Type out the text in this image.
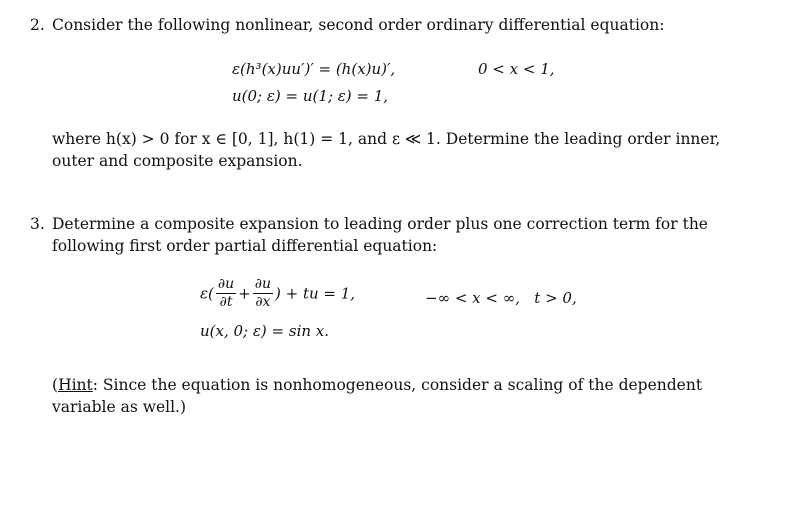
2. Consider the following nonlinear, second order ordinary differential equation:
ε(h³(x)uu′)′ = (h(x)u)′,	0 < x < 1,
u(0; ε) = u(1; ε) = 1,
where h(x) > 0 for x ∈ [0, 1], h(1) = 1, and ε ≪ 1. Determine the leading order inner,
outer and composite expansion.
3. Determine a composite expansion to leading order plus one correction term for the
following first order partial differential equation:
$\varepsilon( \frac{\partial u}{\partial t} + \frac{\partial u}{\partial x}$ ) + tu = 1,	−∞ < x < ∞,   t > 0,
u(x, 0; ε) = sin x.
(Hint: Since the equation is nonhomogeneous, consider a scaling of the dependent
variable as well.)
